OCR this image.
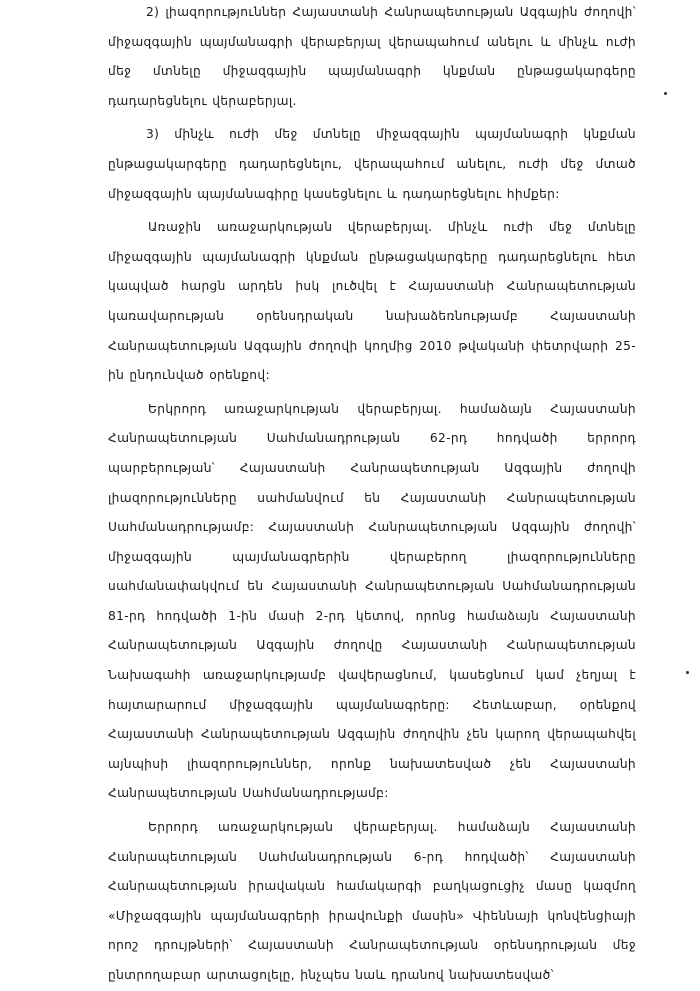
2) լիազորություններ Հայաստանի Հանրապետության Ազգային ժողովի՝ միջազգային պայմանագրի վերաբերյալ վերապահում անելու և մինչև ուժի մեջ մտնելը միջազգային պայմանագրի կնքման ընթացակարգերը դադարեցնելու վերաբերյալ.

3) մինչև ուժի մեջ մտնելը միջազգային պայմանագրի կնքման ընթացակարգերը դադարեցնելու, վերապահում անելու, ուժի մեջ մտած միջազգային պայմանագիրը կասեցնելու և դադարեցնելու հիմքեր:

Առաջին առաջարկության վերաբերյալ. մինչև ուժի մեջ մտնելը միջազգային պայմանագրի կնքման ընթացակարգերը դադարեցնելու հետ կապված հարցն արդեն իսկ լուծվել է Հայաստանի Հանրապետության կառավարության օրենսդրական նախաձեռնությամբ Հայաստանի Հանրապետության Ազգային ժողովի կողմից 2010 թվականի փետրվարի 25-ին ընդունված օրենքով:

Երկրորդ առաջարկության վերաբերյալ. համաձայն Հայաստանի Հանրապետության Սահմանադրության 62-րդ հոդվածի երրորդ պարբերության՝ Հայաստանի Հանրապետության Ազգային ժողովի լիազորությունները սահմանվում են Հայաստանի Հանրապետության Սահմանադրությամբ: Հայաստանի Հանրապետության Ազգային ժողովի՝ միջազգային պայմանագրերին վերաբերող լիազորությունները սահմանափակվում են Հայաստանի Հանրապետության Սահմանադրության 81-րդ հոդվածի 1-ին մասի 2-րդ կետով, որոնց համաձայն Հայաստանի Հանրապետության Ազգային ժողովը Հայաստանի Հանրապետության Նախագահի առաջարկությամբ վավերացնում, կասեցնում կամ չեղյալ է հայտարարում միջազգային պայմանագրերը: Հետևաբար, օրենքով Հայաստանի Հանրապետության Ազգային ժողովին չեն կարող վերապահվել այնպիսի լիազորություններ, որոնք նախատեսված չեն Հայաստանի Հանրապետության Սահմանադրությամբ:

Երրորդ առաջարկության վերաբերյալ. համաձայն Հայաստանի Հանրապետության Սահմանադրության 6-րդ հոդվածի՝ Հայաստանի Հանրապետության իրավական համակարգի բաղկացուցիչ մասը կազմող «Միջազգային պայմանագրերի իրավունքի մասին» Վիեննայի կոնվենցիայի որոշ դրույթների՝ Հայաստանի Հանրապետության օրենսդրության մեջ ընտրողաբար արտացոլելը, ինչպես նաև դրանով նախատեսված՝
